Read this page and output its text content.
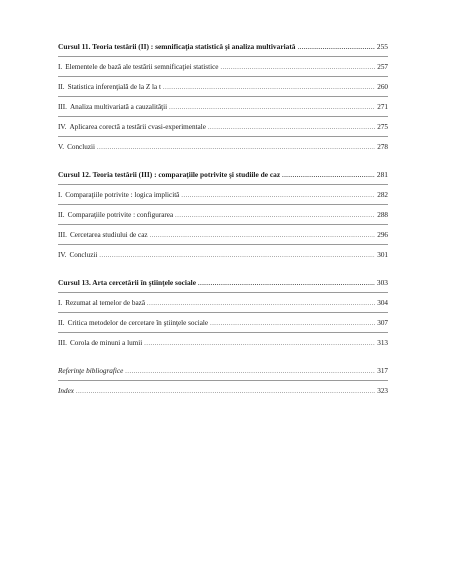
Cursul 11. Teoria testării (II) : semnificaţia statistică şi analiza multivariată .....	255
I. Elementele de bază ale testării semnificaţiei statistice .....	257
II. Statistica inferenţială de la Z la t .....	260
III. Analiza multivariată a cauzalităţii .....	271
IV. Aplicarea corectă a testării cvasi-experimentale .....	275
V. Concluzii .....	278
Cursul 12. Teoria testării (III) : comparaţiile potrivite şi studiile de caz .....	281
I. Comparaţiile potrivite : logica implicită .....	282
II. Comparaţiile potrivite : configurarea .....	288
III. Cercetarea studiului de caz .....	296
IV. Concluzii .....	301
Cursul 13. Arta cercetării în ştiinţele sociale .....	303
I. Rezumat al temelor de bază .....	304
II. Critica metodelor de cercetare în ştiinţele sociale .....	307
III. Corola de minuni a lumii .....	313
Referinţe bibliografice .....	317
Index .....	323
